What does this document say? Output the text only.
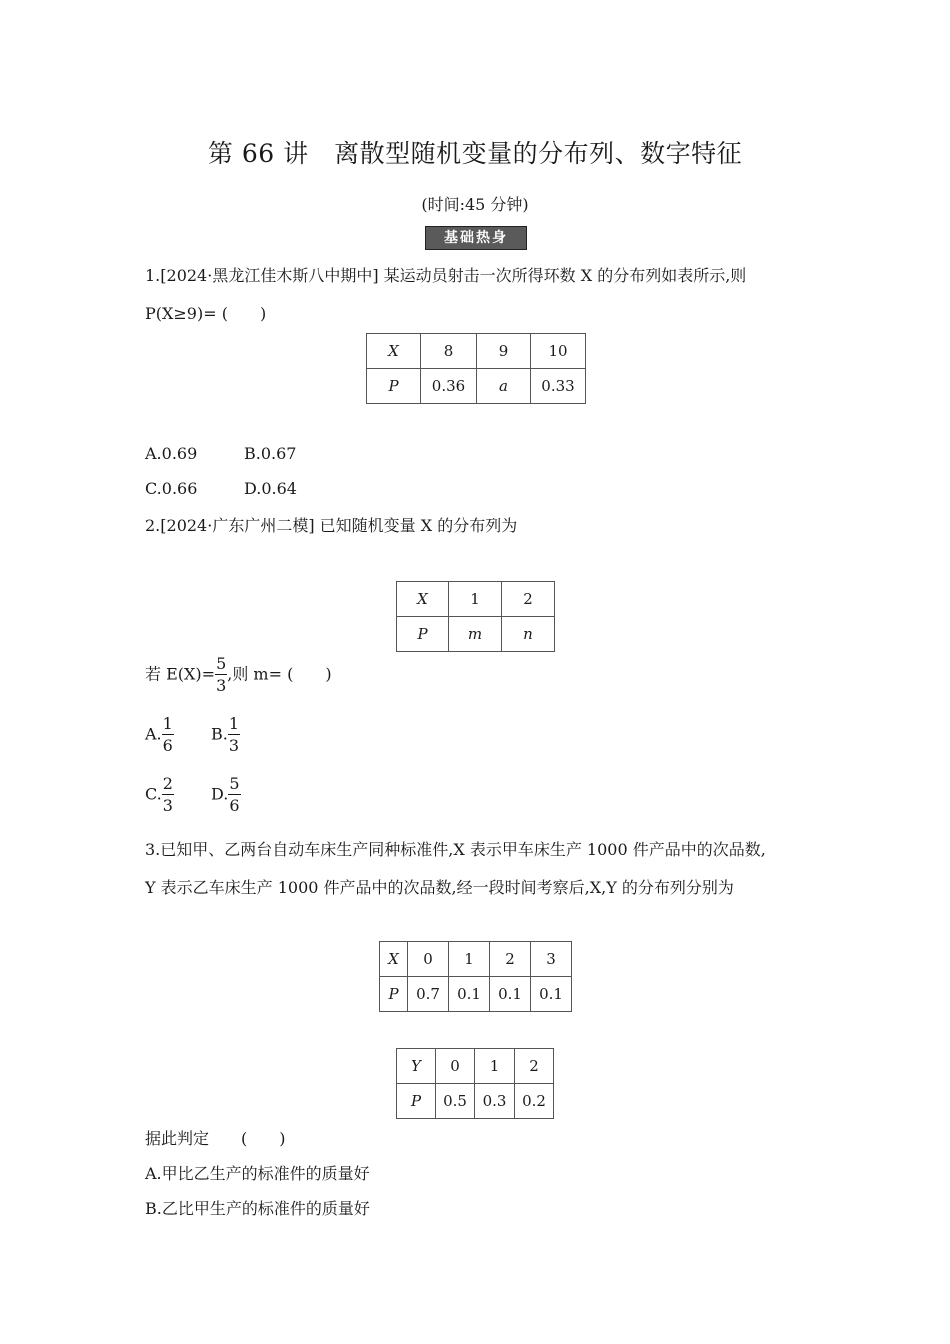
第 66 讲　离散型随机变量的分布列、数字特征
(时间:45 分钟)
基础热身
1.[2024·黑龙江佳木斯八中期中] 某运动员射击一次所得环数 X 的分布列如表所示,则
P(X≥9)= (　　)
X	8	9	10
P	0.36	a	0.33
A.0.69	B.0.67
C.0.66	D.0.64
2.[2024·广东广州二模] 已知随机变量 X 的分布列为
X	1	2
P	m	n
若 $E(X)= \frac{5}{3}$ ,则 m= (　　)
A. $\frac{1}{6} B$. $\frac{1}{3}$
C. $\frac{2}{3} D$. $\frac{5}{6}$
3.已知甲、乙两台自动车床生产同种标准件,X 表示甲车床生产 1000 件产品中的次品数,
Y 表示乙车床生产 1000 件产品中的次品数,经一段时间考察后,X,Y 的分布列分别为
X	0	1	2	3
P	0.7	0.1	0.1	0.1
Y	0	1	2
P	0.5	0.3	0.2
据此判定　　(　　)
A.甲比乙生产的标准件的质量好
B.乙比甲生产的标准件的质量好
